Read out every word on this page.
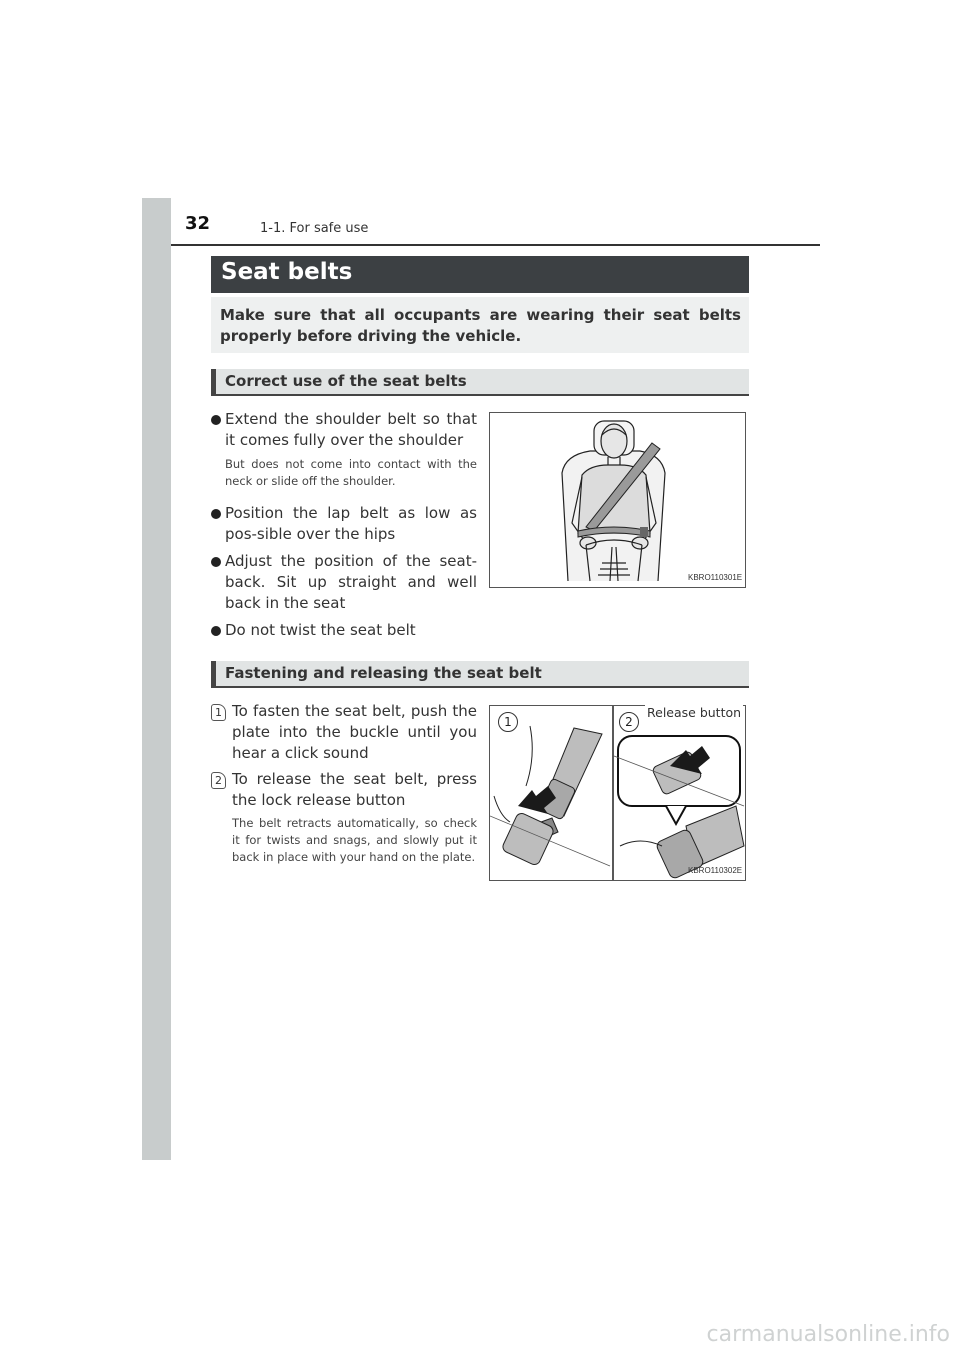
32	1-1. For safe use
Seat belts

Make sure that all occupants are wearing their seat belts properly before driving the vehicle.

Correct use of the seat belts
Extend the shoulder belt so that it comes fully over the shoulder
But does not come into contact with the neck or slide off the shoulder.
Position the lap belt as low as pos-sible over the hips
Adjust the position of the seat-back. Sit up straight and well back in the seat
Do not twist the seat belt
KBRO110301E
Fastening and releasing the seat belt
1 To fasten the seat belt, push the plate into the buckle until you hear a click sound
2 To release the seat belt, press the lock release button
The belt retracts automatically, so check it for twists and snags, and slowly put it back in place with your hand on the plate.
KBRO110302E
1	2
Release button
carmanualsonline.info
